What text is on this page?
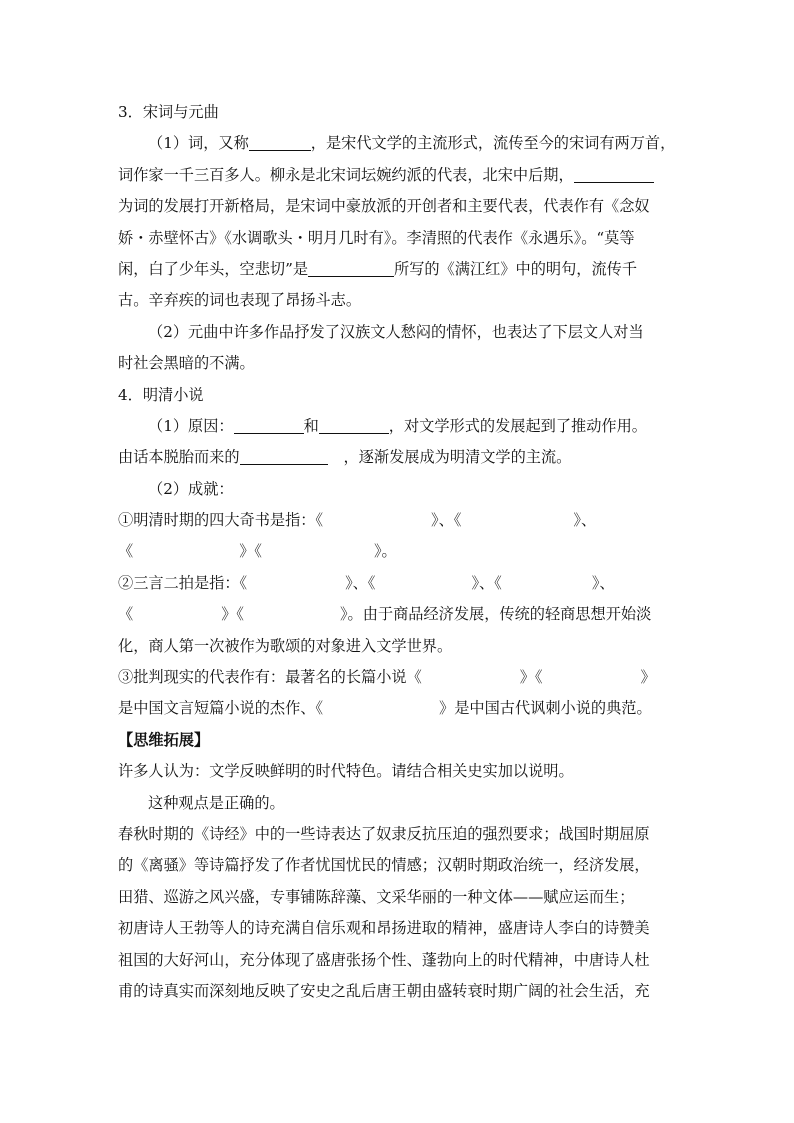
3．宋词与元曲
（1）词，又称	，是宋代文学的主流形式，流传至今的宋词有两万首，
词作家一千三百多人。柳永是北宋词坛婉约派的代表，北宋中后期，
为词的发展打开新格局，是宋词中豪放派的开创者和主要代表，代表作有《念奴
娇・赤壁怀古》《水调歌头・明月几时有》。李清照的代表作《永遇乐》。“莫等
闲，白了少年头，空悲切”是	所写的《满江红》中的明句，流传千
古。辛弃疾的词也表现了昂扬斗志。
（2）元曲中许多作品抒发了汉族文人愁闷的情怀，也表达了下层文人对当
时社会黑暗的不满。
4．明清小说
（1）原因：	和	，对文学形式的发展起到了推动作用。
由话本脱胎而来的	，逐渐发展成为明清文学的主流。
（2）成就：
①明清时期的四大奇书是指：《	》、《	》、
《	》《	》。
②三言二拍是指：《	》、《	》、《	》、
《	》《	》。由于商品经济发展，传统的轻商思想开始淡
化，商人第一次被作为歌颂的对象进入文学世界。
③批判现实的代表作有：最著名的长篇小说《	》《	》
是中国文言短篇小说的杰作、《	》是中国古代讽刺小说的典范。
【思维拓展】
许多人认为：文学反映鲜明的时代特色。请结合相关史实加以说明。
这种观点是正确的。
春秋时期的《诗经》中的一些诗表达了奴隶反抗压迫的强烈要求；战国时期屈原
的《离骚》等诗篇抒发了作者忧国忧民的情感；汉朝时期政治统一，经济发展，
田猎、巡游之风兴盛，专事铺陈辞藻、文采华丽的一种文体——赋应运而生；
初唐诗人王勃等人的诗充满自信乐观和昂扬进取的精神，盛唐诗人李白的诗赞美
祖国的大好河山，充分体现了盛唐张扬个性、蓬勃向上的时代精神，中唐诗人杜
甫的诗真实而深刻地反映了安史之乱后唐王朝由盛转衰时期广阔的社会生活，充
